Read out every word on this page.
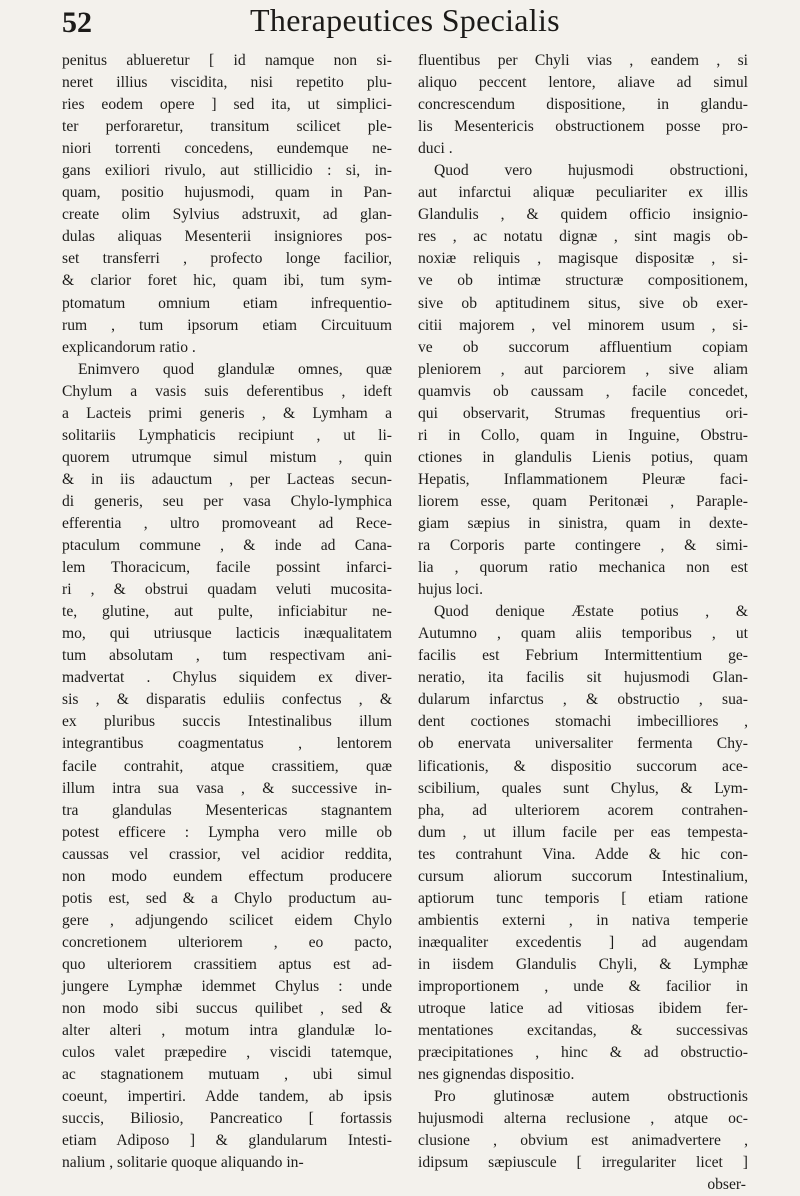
52	Therapeutices Specialis
penitus ablueretur [ id namque non si-
neret illius viscidita, nisi repetito plu-
ries eodem opere ] sed ita, ut simplici-
ter perforaretur, transitum scilicet ple-
niori torrenti concedens, eundemque ne-
gans exiliori rivulo, aut stillicidio : si, in-
quam, positio hujusmodi, quam in Pan-
create olim Sylvius adstruxit, ad glan-
dulas aliquas Mesenterii insigniores pos-
set transferri , profecto longe facilior,
& clarior foret hic, quam ibi, tum sym-
ptomatum omnium etiam infrequentio-
rum , tum ipsorum etiam Circuituum
explicandorum ratio .
Enimvero quod glandulæ omnes, quæ
Chylum a vasis suis deferentibus , ideft
a Lacteis primi generis , & Lymham a
solitariis Lymphaticis recipiunt , ut li-
quorem utrumque simul mistum , quin
& in iis adauctum , per Lacteas secun-
di generis, seu per vasa Chylo-lymphica
efferentia , ultro promoveant ad Rece-
ptaculum commune , & inde ad Cana-
lem Thoracicum, facile possint infarci-
ri , & obstrui quadam veluti mucosita-
te, glutine, aut pulte, inficiabitur ne-
mo, qui utriusque lacticis inæqualitatem
tum absolutam , tum respectivam ani-
madvertat . Chylus siquidem ex diver-
sis , & disparatis eduliis confectus , &
ex pluribus succis Intestinalibus illum
integrantibus coagmentatus , lentorem
facile contrahit, atque crassitiem, quæ
illum intra sua vasa , & successive in-
tra glandulas Mesentericas stagnantem
potest efficere : Lympha vero mille ob
caussas vel crassior, vel acidior reddita,
non modo eundem effectum producere
potis est, sed & a Chylo productum au-
gere , adjungendo scilicet eidem Chylo
concretionem ulteriorem , eo pacto,
quo ulteriorem crassitiem aptus est ad-
jungere Lymphæ idemmet Chylus : unde
non modo sibi succus quilibet , sed &
alter alteri , motum intra glandulæ lo-
culos valet præpedire , viscidi tatemque,
ac stagnationem mutuam , ubi simul
coeunt, impertiri. Adde tandem, ab ipsis
succis, Biliosio, Pancreatico [ fortassis
etiam Adiposo ] & glandularum Intesti-
nalium , solitarie quoque aliquando in-
fluentibus per Chyli vias , eandem , si
aliquo peccent lentore, aliave ad simul
concrescendum dispositione, in glandu-
lis Mesentericis obstructionem posse pro-
duci .
Quod vero hujusmodi obstructioni,
aut infarctui aliquæ peculiariter ex illis
Glandulis , & quidem officio insignio-
res , ac notatu dignæ , sint magis ob-
noxiæ reliquis , magisque dispositæ , si-
ve ob intimæ structuræ compositionem,
sive ob aptitudinem situs, sive ob exer-
citii majorem , vel minorem usum , si-
ve ob succorum affluentium copiam
pleniorem , aut parciorem , sive aliam
quamvis ob caussam , facile concedet,
qui observarit, Strumas frequentius ori-
ri in Collo, quam in Inguine, Obstru-
ctiones in glandulis Lienis potius, quam
Hepatis, Inflammationem Pleuræ faci-
liorem esse, quam Peritonæi , Paraple-
giam sæpius in sinistra, quam in dexte-
ra Corporis parte contingere , & simi-
lia , quorum ratio mechanica non est
hujus loci.
Quod denique Æstate potius , &
Autumno , quam aliis temporibus , ut
facilis est Febrium Intermittentium ge-
neratio, ita facilis sit hujusmodi Glan-
dularum infarctus , & obstructio , sua-
dent coctiones stomachi imbecilliores ,
ob enervata universaliter fermenta Chy-
lificationis, & dispositio succorum ace-
scibilium, quales sunt Chylus, & Lym-
pha, ad ulteriorem acorem contrahen-
dum , ut illum facile per eas tempesta-
tes contrahunt Vina. Adde & hic con-
cursum aliorum succorum Intestinalium,
aptiorum tunc temporis [ etiam ratione
ambientis externi , in nativa temperie
inæqualiter excedentis ] ad augendam
in iisdem Glandulis Chyli, & Lymphæ
improportionem , unde & facilior in
utroque latice ad vitiosas ibidem fer-
mentationes excitandas, & successivas
præcipitationes , hinc & ad obstructio-
nes gignendas dispositio.
Pro glutinosæ autem obstructionis
hujusmodi alterna reclusione , atque oc-
clusione , obvium est animadvertere ,
idipsum sæpiuscule [ irregulariter licet ]
obser-
